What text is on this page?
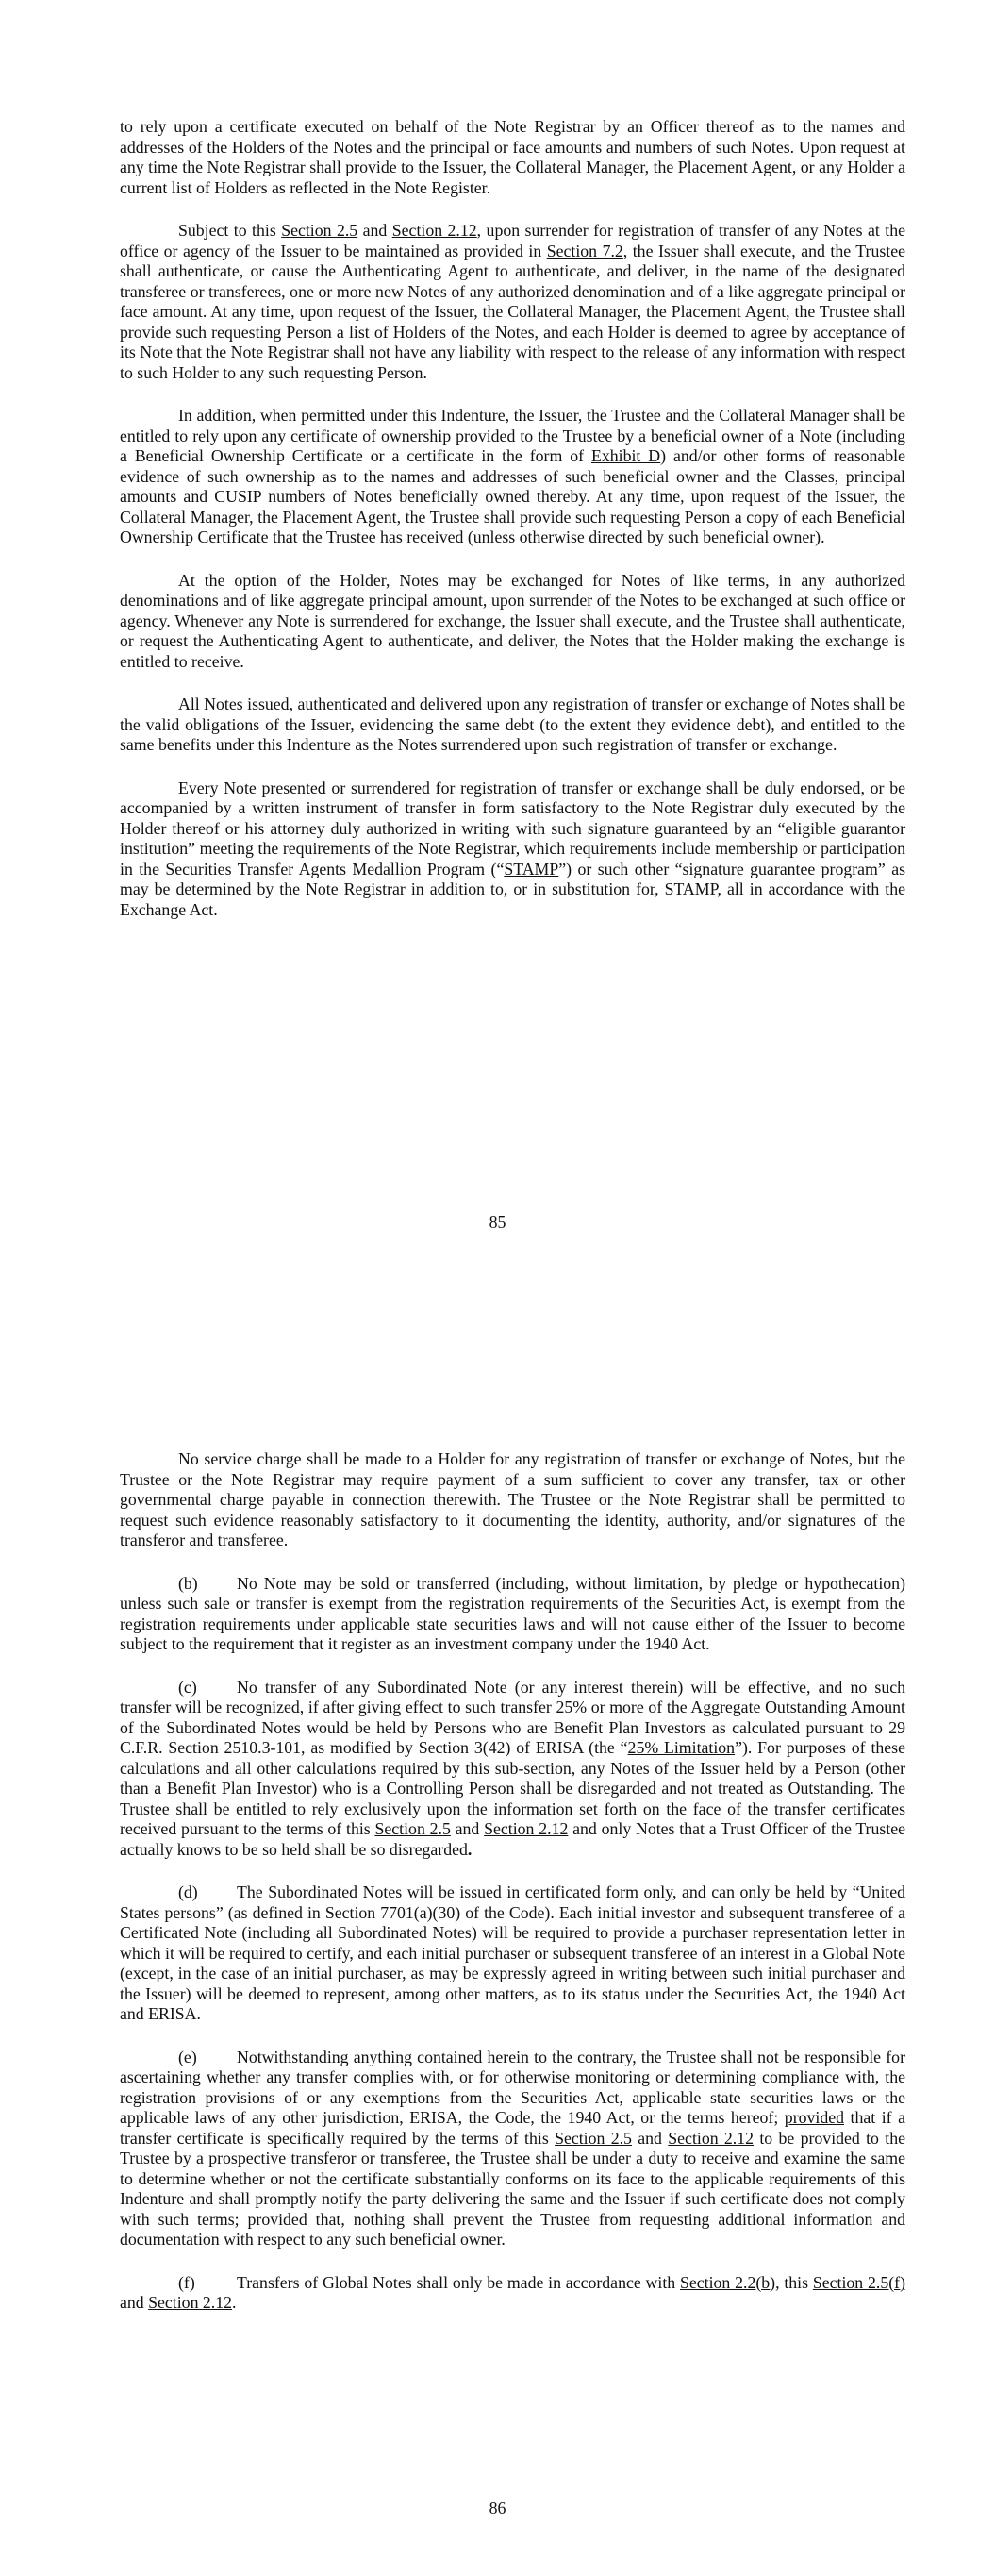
to rely upon a certificate executed on behalf of the Note Registrar by an Officer thereof as to the names and addresses of the Holders of the Notes and the principal or face amounts and numbers of such Notes. Upon request at any time the Note Registrar shall provide to the Issuer, the Collateral Manager, the Placement Agent, or any Holder a current list of Holders as reflected in the Note Register.

Subject to this Section 2.5 and Section 2.12, upon surrender for registration of transfer of any Notes at the office or agency of the Issuer to be maintained as provided in Section 7.2, the Issuer shall execute, and the Trustee shall authenticate, or cause the Authenticating Agent to authenticate, and deliver, in the name of the designated transferee or transferees, one or more new Notes of any authorized denomination and of a like aggregate principal or face amount. At any time, upon request of the Issuer, the Collateral Manager, the Placement Agent, the Trustee shall provide such requesting Person a list of Holders of the Notes, and each Holder is deemed to agree by acceptance of its Note that the Note Registrar shall not have any liability with respect to the release of any information with respect to such Holder to any such requesting Person.

In addition, when permitted under this Indenture, the Issuer, the Trustee and the Collateral Manager shall be entitled to rely upon any certificate of ownership provided to the Trustee by a beneficial owner of a Note (including a Beneficial Ownership Certificate or a certificate in the form of Exhibit D) and/or other forms of reasonable evidence of such ownership as to the names and addresses of such beneficial owner and the Classes, principal amounts and CUSIP numbers of Notes beneficially owned thereby. At any time, upon request of the Issuer, the Collateral Manager, the Placement Agent, the Trustee shall provide such requesting Person a copy of each Beneficial Ownership Certificate that the Trustee has received (unless otherwise directed by such beneficial owner).

At the option of the Holder, Notes may be exchanged for Notes of like terms, in any authorized denominations and of like aggregate principal amount, upon surrender of the Notes to be exchanged at such office or agency. Whenever any Note is surrendered for exchange, the Issuer shall execute, and the Trustee shall authenticate, or request the Authenticating Agent to authenticate, and deliver, the Notes that the Holder making the exchange is entitled to receive.

All Notes issued, authenticated and delivered upon any registration of transfer or exchange of Notes shall be the valid obligations of the Issuer, evidencing the same debt (to the extent they evidence debt), and entitled to the same benefits under this Indenture as the Notes surrendered upon such registration of transfer or exchange.

Every Note presented or surrendered for registration of transfer or exchange shall be duly endorsed, or be accompanied by a written instrument of transfer in form satisfactory to the Note Registrar duly executed by the Holder thereof or his attorney duly authorized in writing with such signature guaranteed by an “eligible guarantor institution” meeting the requirements of the Note Registrar, which requirements include membership or participation in the Securities Transfer Agents Medallion Program (“STAMP”) or such other “signature guarantee program” as may be determined by the Note Registrar in addition to, or in substitution for, STAMP, all in accordance with the Exchange Act.

85

No service charge shall be made to a Holder for any registration of transfer or exchange of Notes, but the Trustee or the Note Registrar may require payment of a sum sufficient to cover any transfer, tax or other governmental charge payable in connection therewith. The Trustee or the Note Registrar shall be permitted to request such evidence reasonably satisfactory to it documenting the identity, authority, and/or signatures of the transferor and transferee.

(b) No Note may be sold or transferred (including, without limitation, by pledge or hypothecation) unless such sale or transfer is exempt from the registration requirements of the Securities Act, is exempt from the registration requirements under applicable state securities laws and will not cause either of the Issuer to become subject to the requirement that it register as an investment company under the 1940 Act.

(c) No transfer of any Subordinated Note (or any interest therein) will be effective, and no such transfer will be recognized, if after giving effect to such transfer 25% or more of the Aggregate Outstanding Amount of the Subordinated Notes would be held by Persons who are Benefit Plan Investors as calculated pursuant to 29 C.F.R. Section 2510.3-101, as modified by Section 3(42) of ERISA (the “25% Limitation”). For purposes of these calculations and all other calculations required by this sub-section, any Notes of the Issuer held by a Person (other than a Benefit Plan Investor) who is a Controlling Person shall be disregarded and not treated as Outstanding. The Trustee shall be entitled to rely exclusively upon the information set forth on the face of the transfer certificates received pursuant to the terms of this Section 2.5 and Section 2.12 and only Notes that a Trust Officer of the Trustee actually knows to be so held shall be so disregarded.

(d) The Subordinated Notes will be issued in certificated form only, and can only be held by “United States persons” (as defined in Section 7701(a)(30) of the Code). Each initial investor and subsequent transferee of a Certificated Note (including all Subordinated Notes) will be required to provide a purchaser representation letter in which it will be required to certify, and each initial purchaser or subsequent transferee of an interest in a Global Note (except, in the case of an initial purchaser, as may be expressly agreed in writing between such initial purchaser and the Issuer) will be deemed to represent, among other matters, as to its status under the Securities Act, the 1940 Act and ERISA.

(e) Notwithstanding anything contained herein to the contrary, the Trustee shall not be responsible for ascertaining whether any transfer complies with, or for otherwise monitoring or determining compliance with, the registration provisions of or any exemptions from the Securities Act, applicable state securities laws or the applicable laws of any other jurisdiction, ERISA, the Code, the 1940 Act, or the terms hereof; provided that if a transfer certificate is specifically required by the terms of this Section 2.5 and Section 2.12 to be provided to the Trustee by a prospective transferor or transferee, the Trustee shall be under a duty to receive and examine the same to determine whether or not the certificate substantially conforms on its face to the applicable requirements of this Indenture and shall promptly notify the party delivering the same and the Issuer if such certificate does not comply with such terms; provided that, nothing shall prevent the Trustee from requesting additional information and documentation with respect to any such beneficial owner.

(f) Transfers of Global Notes shall only be made in accordance with Section 2.2(b), this Section 2.5(f) and Section 2.12.

86
